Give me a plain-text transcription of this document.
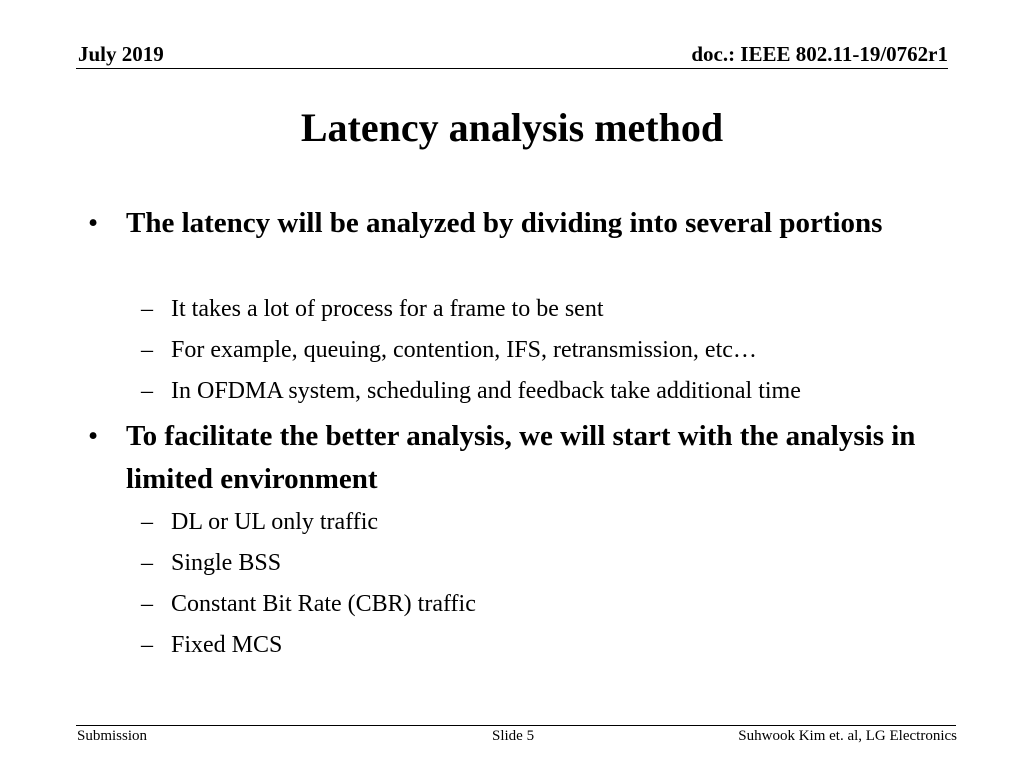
July 2019	doc.: IEEE 802.11-19/0762r1
Latency analysis method
• The latency will be analyzed by dividing into several portions
– It takes a lot of process for a frame to be sent
– For example, queuing, contention, IFS, retransmission, etc…
– In OFDMA system, scheduling and feedback take additional time
• To facilitate the better analysis, we will start with the analysis in limited environment
– DL or UL only traffic
– Single BSS
– Constant Bit Rate (CBR) traffic
– Fixed MCS
Submission	Slide 5	Suhwook Kim et. al, LG Electronics
